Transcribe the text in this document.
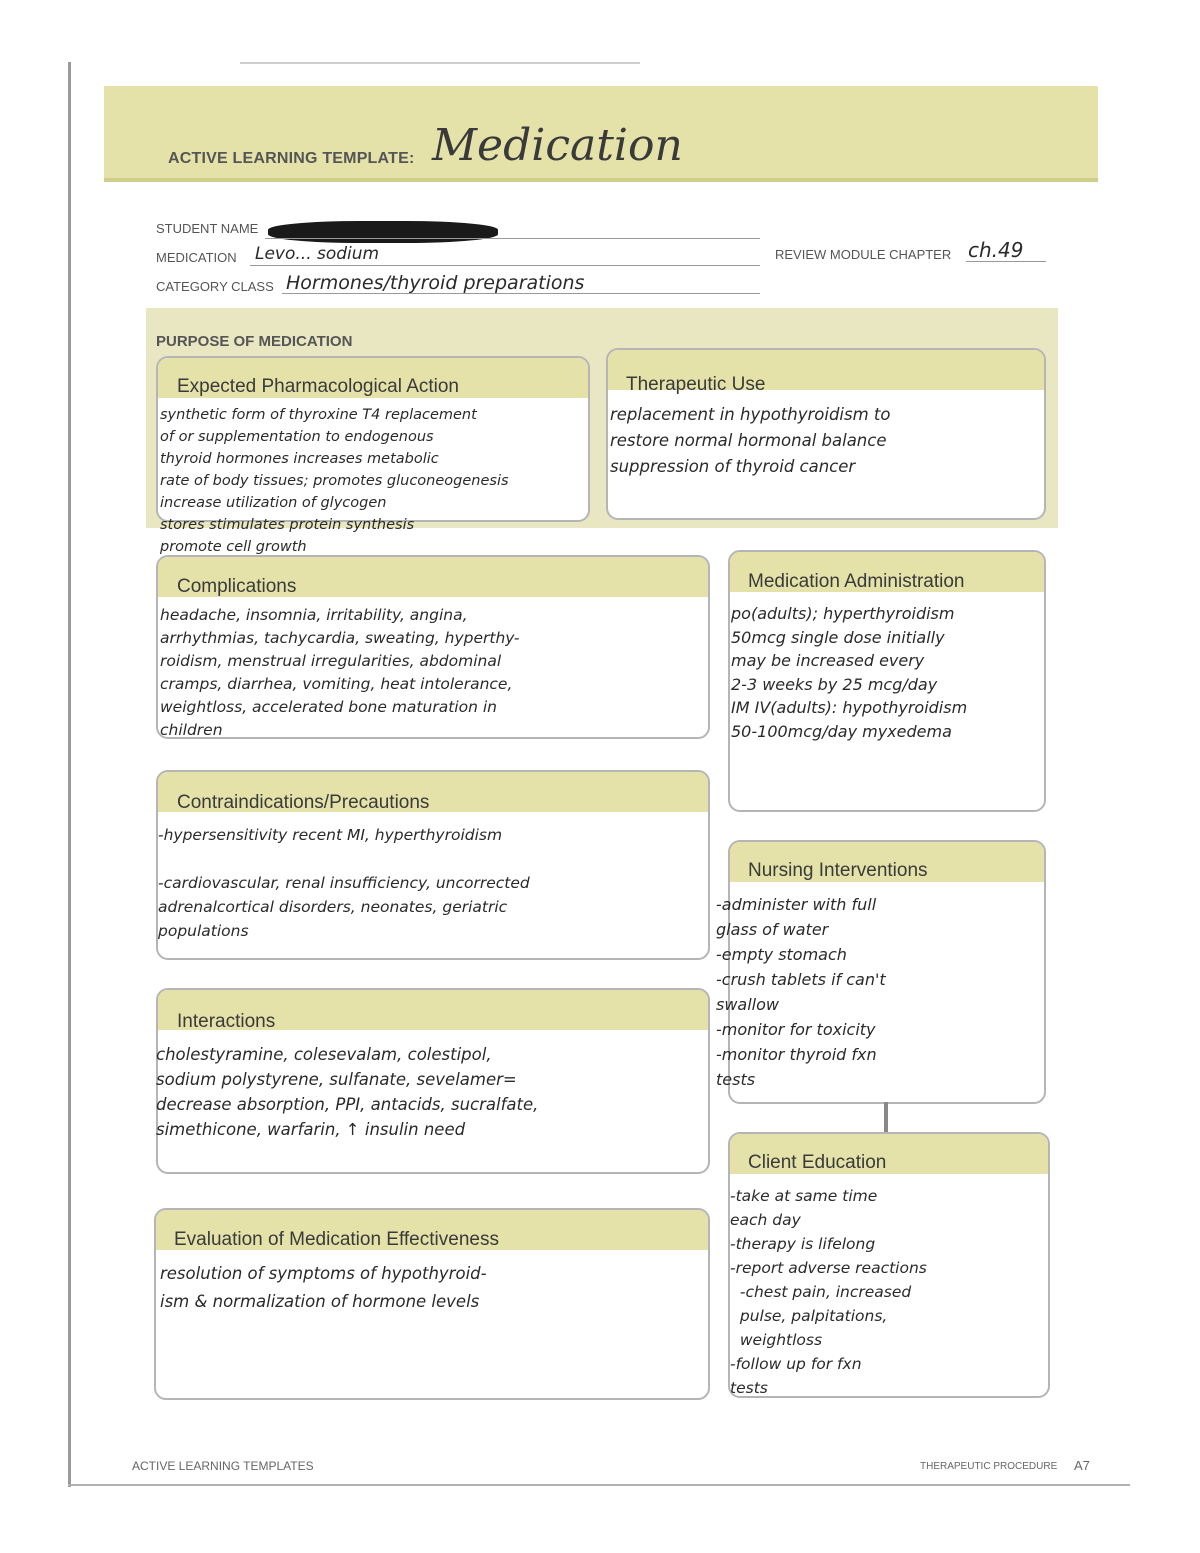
ACTIVE LEARNING TEMPLATE: Medication
STUDENT NAME
MEDICATION Levo... sodium
CATEGORY CLASS Hormones/thyroid preparations
REVIEW MODULE CHAPTER ch.49
PURPOSE OF MEDICATION
Expected Pharmacological Action
synthetic form of thyroxine T4 replacement
of or supplementation to endogenous
thyroid hormones increases metabolic
rate of body tissues; promotes gluconeogenesis
increase utilization of glycogen
stores stimulates protein synthesis
promote cell growth
Therapeutic Use
replacement in hypothyroidism to
restore normal hormonal balance
suppression of thyroid cancer
Complications
headache, insomnia, irritability, angina,
arrhythmias, tachycardia, sweating, hyperthy-
roidism, menstrual irregularities, abdominal
cramps, diarrhea, vomiting, heat intolerance,
weightloss, accelerated bone maturation in
children
Medication Administration
po(adults); hyperthyroidism
50mcg single dose initially
may be increased every
2-3 weeks by 25 mcg/day
IM IV(adults): hypothyroidism
50-100mcg/day myxedema
Contraindications/Precautions
-hypersensitivity recent MI, hyperthyroidism

-cardiovascular, renal insufficiency, uncorrected
adrenalcortical disorders, neonates, geriatric
populations
Nursing Interventions
-administer with full
glass of water
-empty stomach
-crush tablets if can't
swallow
-monitor for toxicity
-monitor thyroid fxn
tests
Interactions
cholestyramine, colesevalam, colestipol,
sodium polystyrene, sulfanate, sevelamer=
decrease absorption, PPI, antacids, sucralfate,
simethicone, warfarin, ↑ insulin need
Client Education
-take at same time
each day
-therapy is lifelong
-report adverse reactions
-chest pain, increased
pulse, palpitations,
weightloss
-follow up for fxn
tests
Evaluation of Medication Effectiveness
resolution of symptoms of hypothyroid-
ism & normalization of hormone levels
ACTIVE LEARNING TEMPLATES	THERAPEUTIC PROCEDURE A7
